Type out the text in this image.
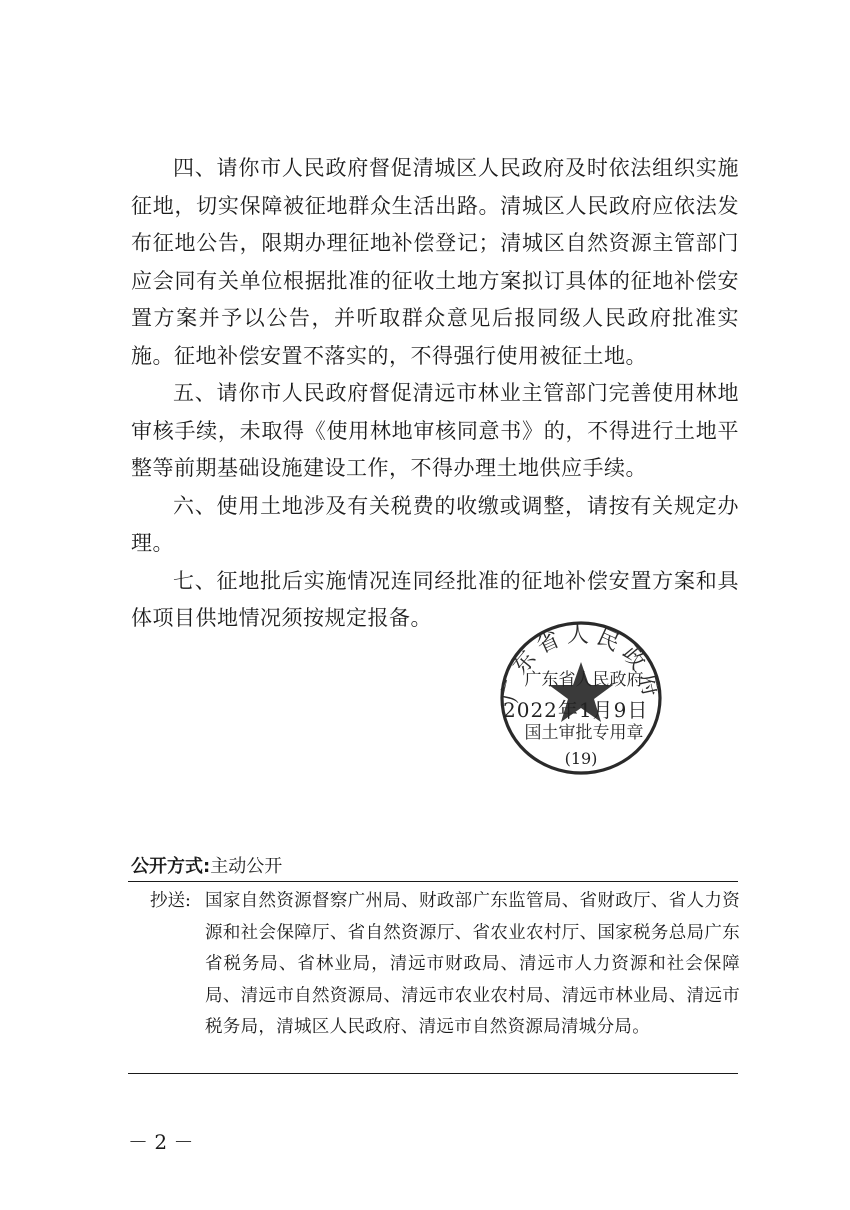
四、请你市人民政府督促清城区人民政府及时依法组织实施征地，切实保障被征地群众生活出路。清城区人民政府应依法发布征地公告，限期办理征地补偿登记；清城区自然资源主管部门应会同有关单位根据批准的征收土地方案拟订具体的征地补偿安置方案并予以公告，并听取群众意见后报同级人民政府批准实施。征地补偿安置不落实的，不得强行使用被征土地。

五、请你市人民政府督促清远市林业主管部门完善使用林地审核手续，未取得《使用林地审核同意书》的，不得进行土地平整等前期基础设施建设工作，不得办理土地供应手续。

六、使用土地涉及有关税费的收缴或调整，请按有关规定办理。

七、征地批后实施情况连同经批准的征地补偿安置方案和具体项目供地情况须按规定报备。

广东省人民政府
广东省人民政府
国土审批专用章
(19)
2022年1月9日
公开方式:主动公开
抄送: 国家自然资源督察广州局、财政部广东监管局、省财政厅、省人力资源和社会保障厅、省自然资源厅、省农业农村厅、国家税务总局广东省税务局、省林业局，清远市财政局、清远市人力资源和社会保障局、清远市自然资源局、清远市农业农村局、清远市林业局、清远市税务局，清城区人民政府、清远市自然资源局清城分局。
－ 2 －
